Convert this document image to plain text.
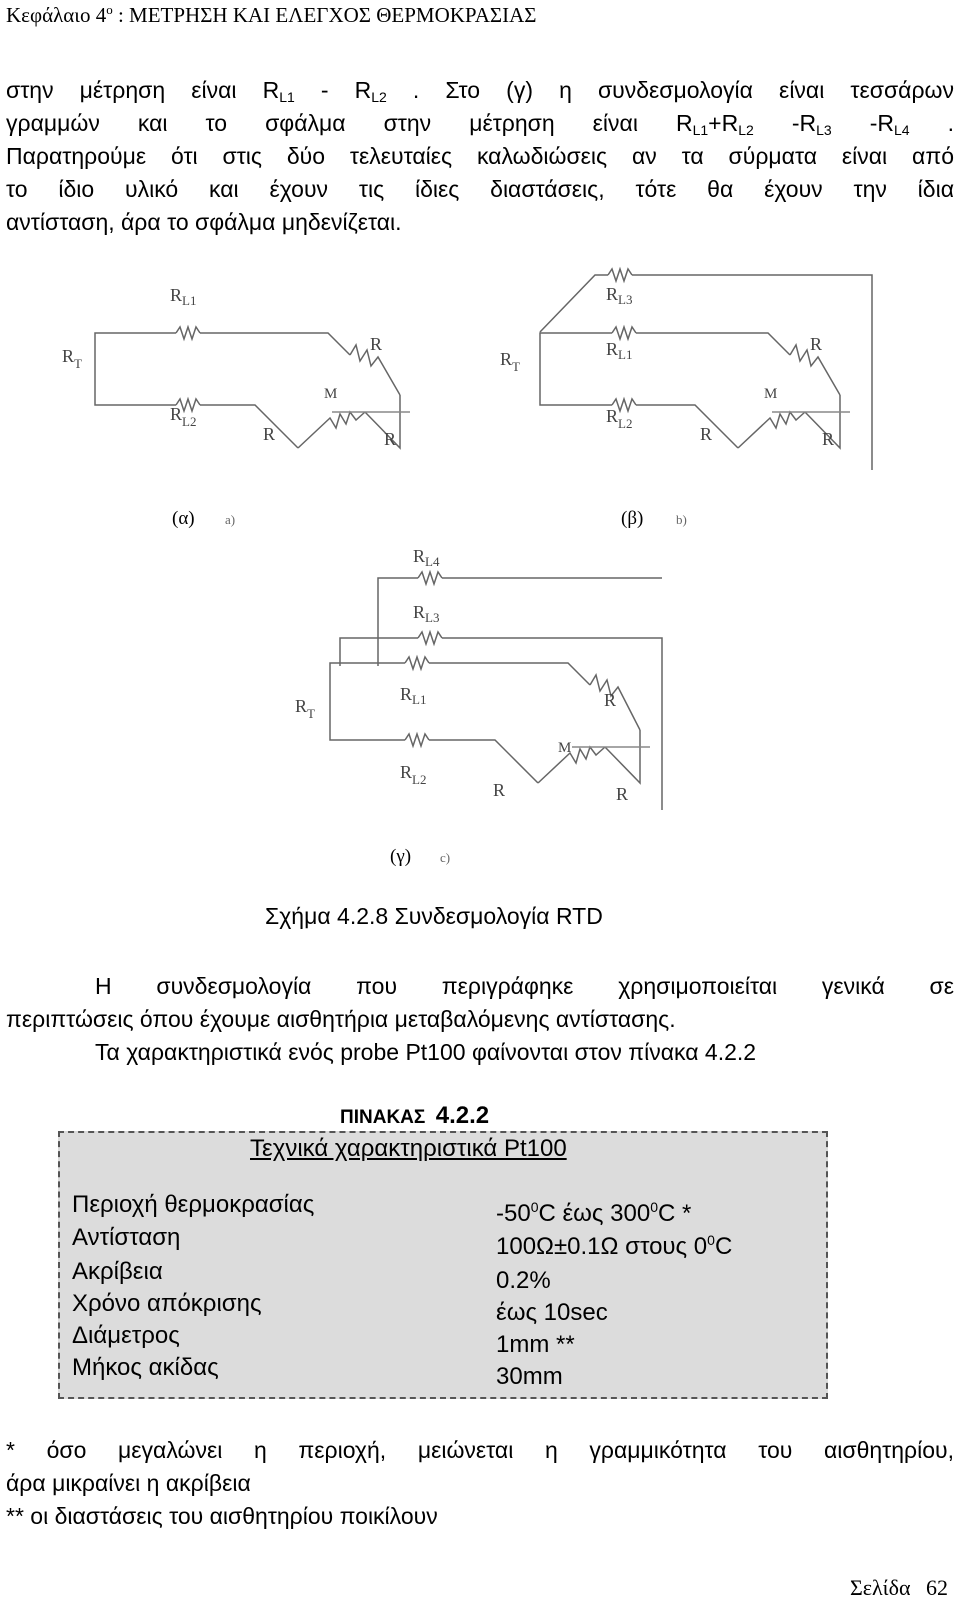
Κεφάλαιο $4^o$ : ΜΕΤΡΗΣΗ ΚΑΙ ΕΛΕΓΧΟΣ ΘΕΡΜΟΚΡΑΣΙΑΣ
στην μέτρηση είναι $R_{L1} - R_{L2}$ . Στο (γ) η συνδεσμολογία είναι τεσσάρων
γραμμών και το σφάλμα στην μέτρηση είναι $R_{L1}+R_{L2}$ $-R_{L3}$ $-R_{L4}$ .
Παρατηρούμε ότι στις δύο τελευταίες καλωδιώσεις αν τα σύρματα είναι από
το ίδιο υλικό και έχουν τις ίδιες διαστάσεις, τότε θα έχουν την ίδια
αντίσταση, άρα το σφάλμα μηδενίζεται.
$R_{L1}$
$R_T$
R
M
$R_{L2}$
R	R
$R_{L3}$
$R_{L1}$
$R_T$
R
M
$R_{L2}$
R	R
$R_{L4}$
$R_{L3}$
$R_{L1}$
$R_T$
R
M
$R_{L2}$
R	R
(α) a)	(β)	b)
(γ) c)
Σχήμα 4.2.8 Συνδεσμολογία RTD
Η συνδεσμολογία που περιγράφηκε χρησιμοποιείται γενικά σε
περιπτώσεις όπου έχουμε αισθητήρια μεταβαλόμενης αντίστασης.
Τα χαρακτηριστικά ενός probe Pt100 φαίνονται στον πίνακα 4.2.2
ΠΙΝΑΚΑΣ 4.2.2
Τεχνικά χαρακτηριστικά Pt100
Περιοχή θερμοκρασίας	$-50^0C$ έως $300^0C$ *
Αντίσταση	100Ω±0.1Ω στους $0^0C$
Ακρίβεια	0.2%
Χρόνο απόκρισης	έως 10sec
Διάμετρος	1mm **
Μήκος ακίδας	30mm
* όσο μεγαλώνει η περιοχή, μειώνεται η γραμμικότητα του αισθητηρίου,
άρα μικραίνει η ακρίβεια
** οι διαστάσεις του αισθητηρίου ποικίλουν
Σελίδα 62
